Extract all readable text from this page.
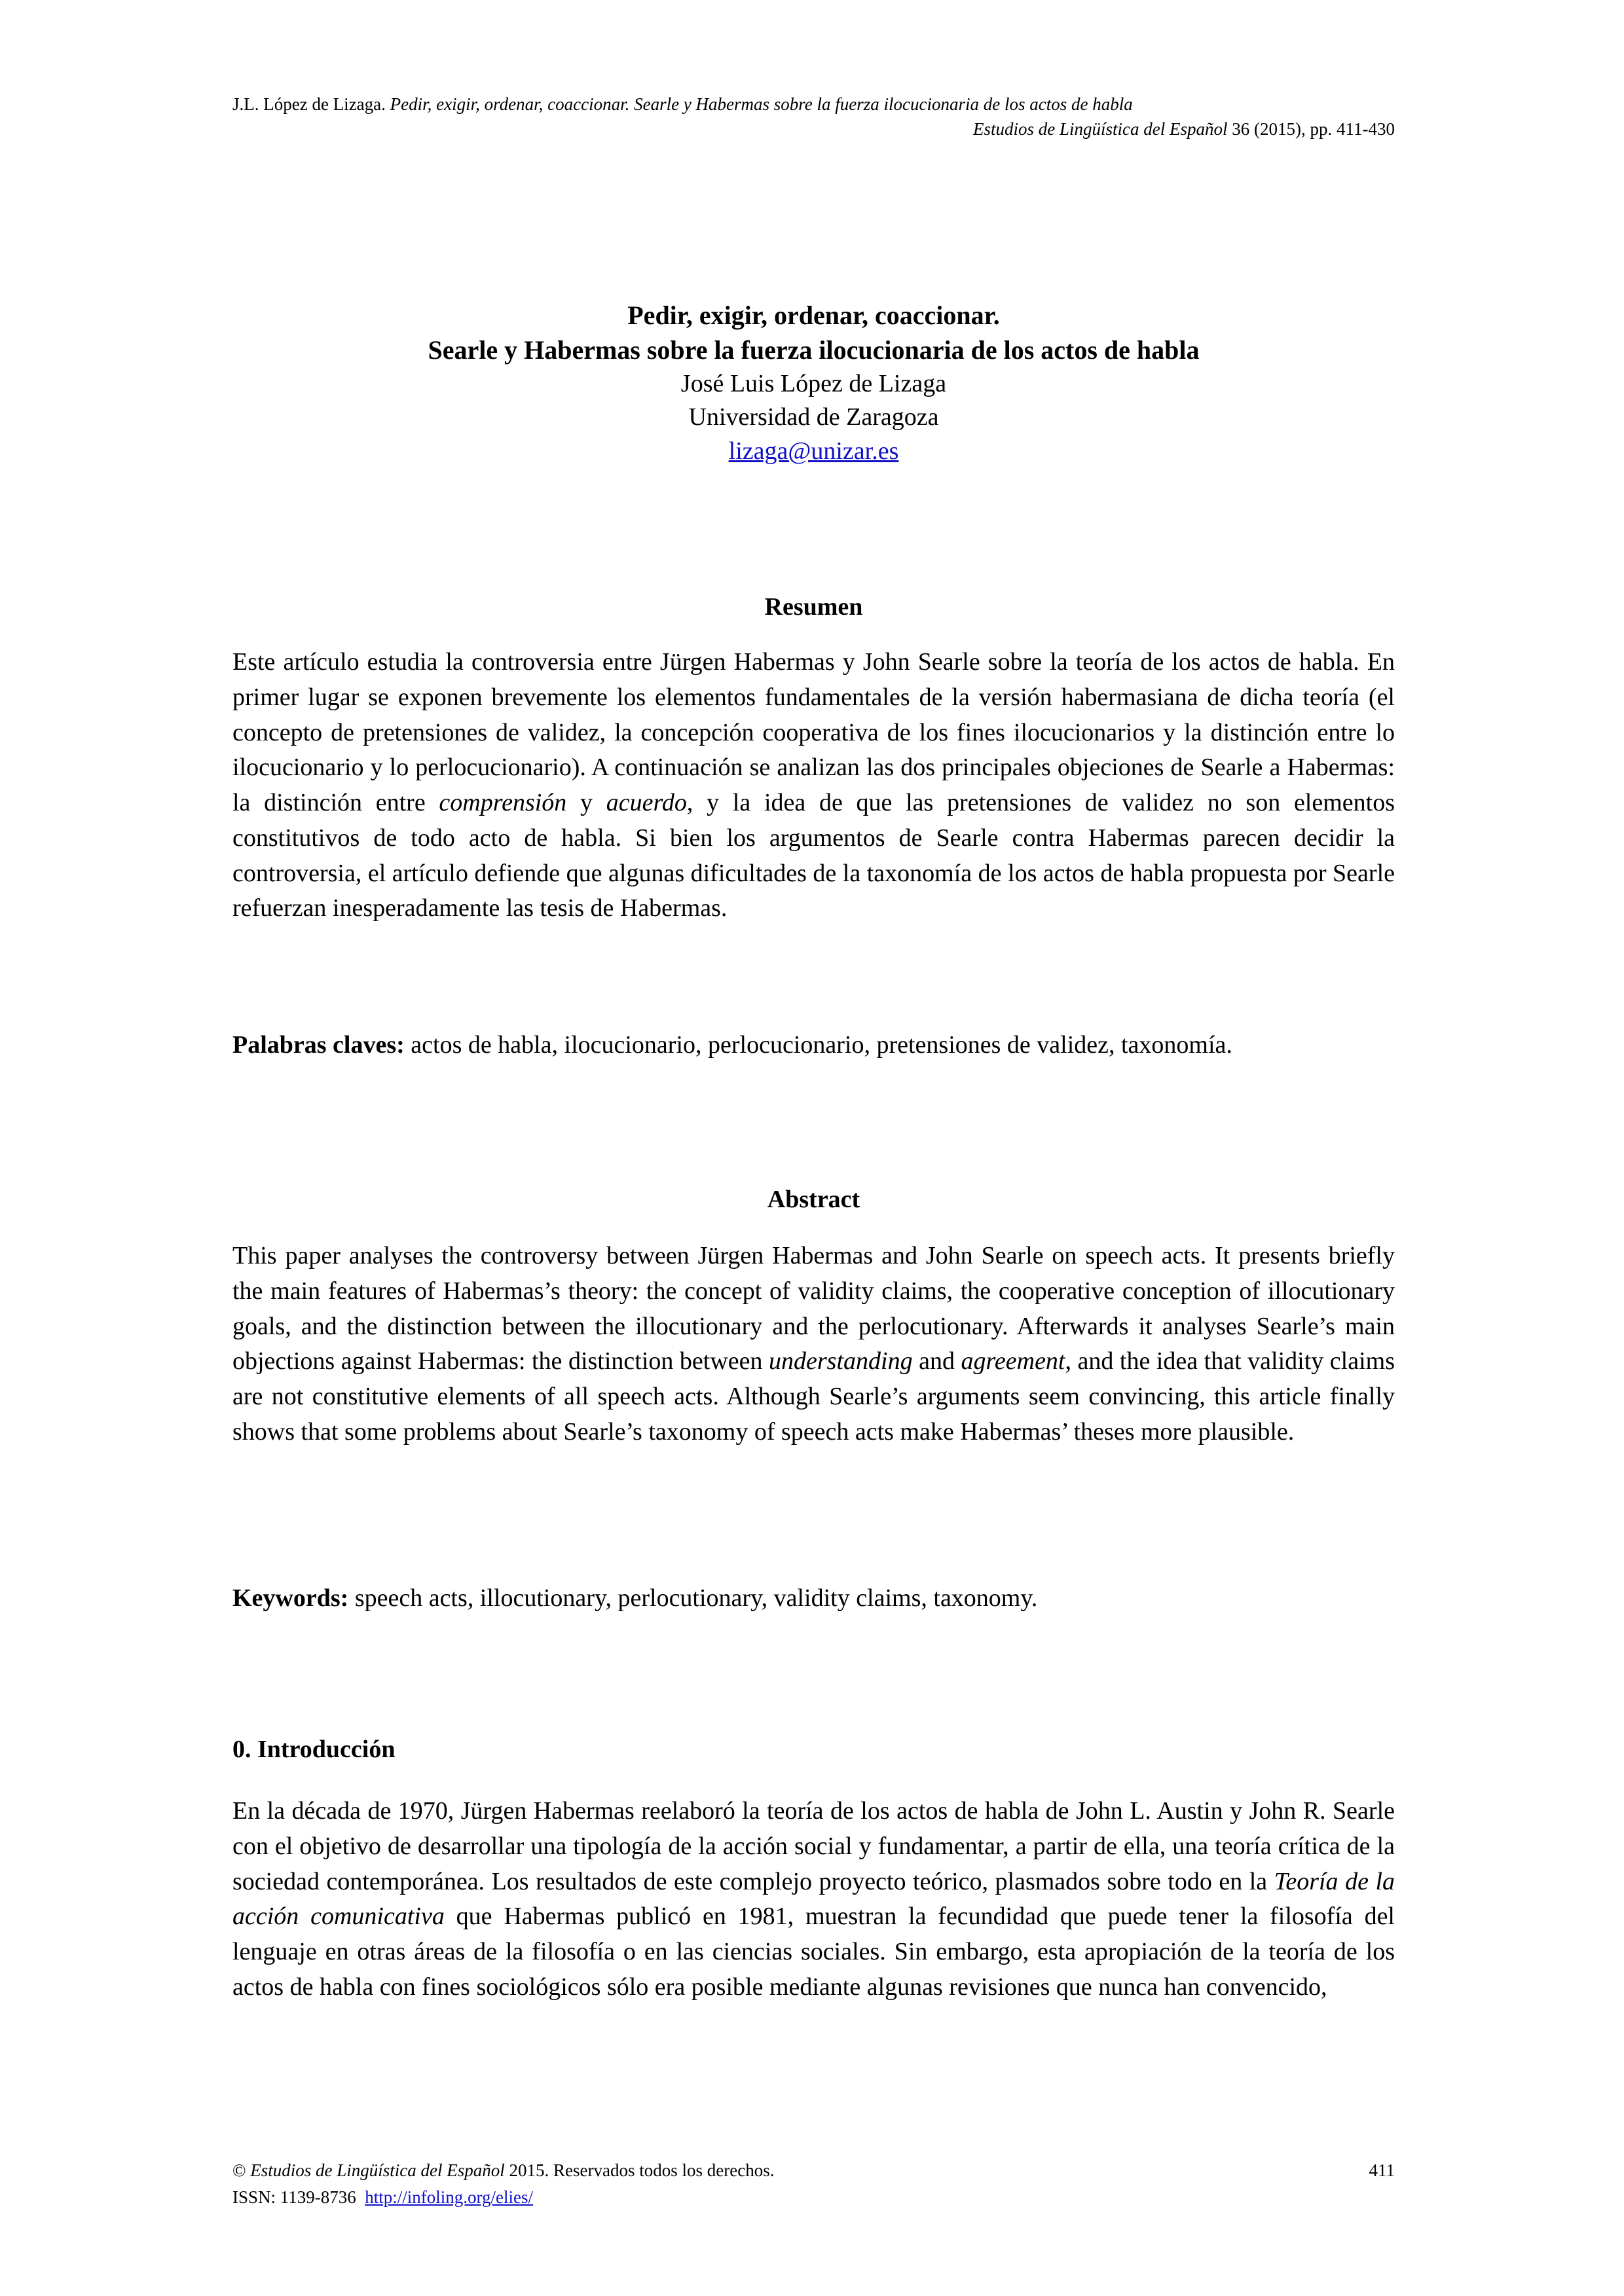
J.L. López de Lizaga. Pedir, exigir, ordenar, coaccionar. Searle y Habermas sobre la fuerza ilocucionaria de los actos de habla
Estudios de Lingüística del Español 36 (2015), pp. 411-430
Pedir, exigir, ordenar, coaccionar.
Searle y Habermas sobre la fuerza ilocucionaria de los actos de habla
José Luis López de Lizaga
Universidad de Zaragoza
lizaga@unizar.es
Resumen

Este artículo estudia la controversia entre Jürgen Habermas y John Searle sobre la teoría de los actos de habla. En primer lugar se exponen brevemente los elementos fundamentales de la versión habermasiana de dicha teoría (el concepto de pretensiones de validez, la concepción cooperativa de los fines ilocucionarios y la distinción entre lo ilocucionario y lo perlocucionario). A continuación se analizan las dos principales objeciones de Searle a Habermas: la distinción entre comprensión y acuerdo, y la idea de que las pretensiones de validez no son elementos constitutivos de todo acto de habla. Si bien los argumentos de Searle contra Habermas parecen decidir la controversia, el artículo defiende que algunas dificultades de la taxonomía de los actos de habla propuesta por Searle refuerzan inesperadamente las tesis de Habermas.

Palabras claves: actos de habla, ilocucionario, perlocucionario, pretensiones de validez, taxonomía.

Abstract

This paper analyses the controversy between Jürgen Habermas and John Searle on speech acts. It presents briefly the main features of Habermas’s theory: the concept of validity claims, the cooperative conception of illocutionary goals, and the distinction between the illocutionary and the perlocutionary. Afterwards it analyses Searle’s main objections against Habermas: the distinction between understanding and agreement, and the idea that validity claims are not constitutive elements of all speech acts. Although Searle’s arguments seem convincing, this article finally shows that some problems about Searle’s taxonomy of speech acts make Habermas’ theses more plausible.

Keywords: speech acts, illocutionary, perlocutionary, validity claims, taxonomy.

0. Introducción

En la década de 1970, Jürgen Habermas reelaboró la teoría de los actos de habla de John L. Austin y John R. Searle con el objetivo de desarrollar una tipología de la acción social y fundamentar, a partir de ella, una teoría crítica de la sociedad contemporánea. Los resultados de este complejo proyecto teórico, plasmados sobre todo en la Teoría de la acción comunicativa que Habermas publicó en 1981, muestran la fecundidad que puede tener la filosofía del lenguaje en otras áreas de la filosofía o en las ciencias sociales. Sin embargo, esta apropiación de la teoría de los actos de habla con fines sociológicos sólo era posible mediante algunas revisiones que nunca han convencido,

© Estudios de Lingüística del Español 2015. Reservados todos los derechos.	411
ISSN: 1139-8736 http://infoling.org/elies/
